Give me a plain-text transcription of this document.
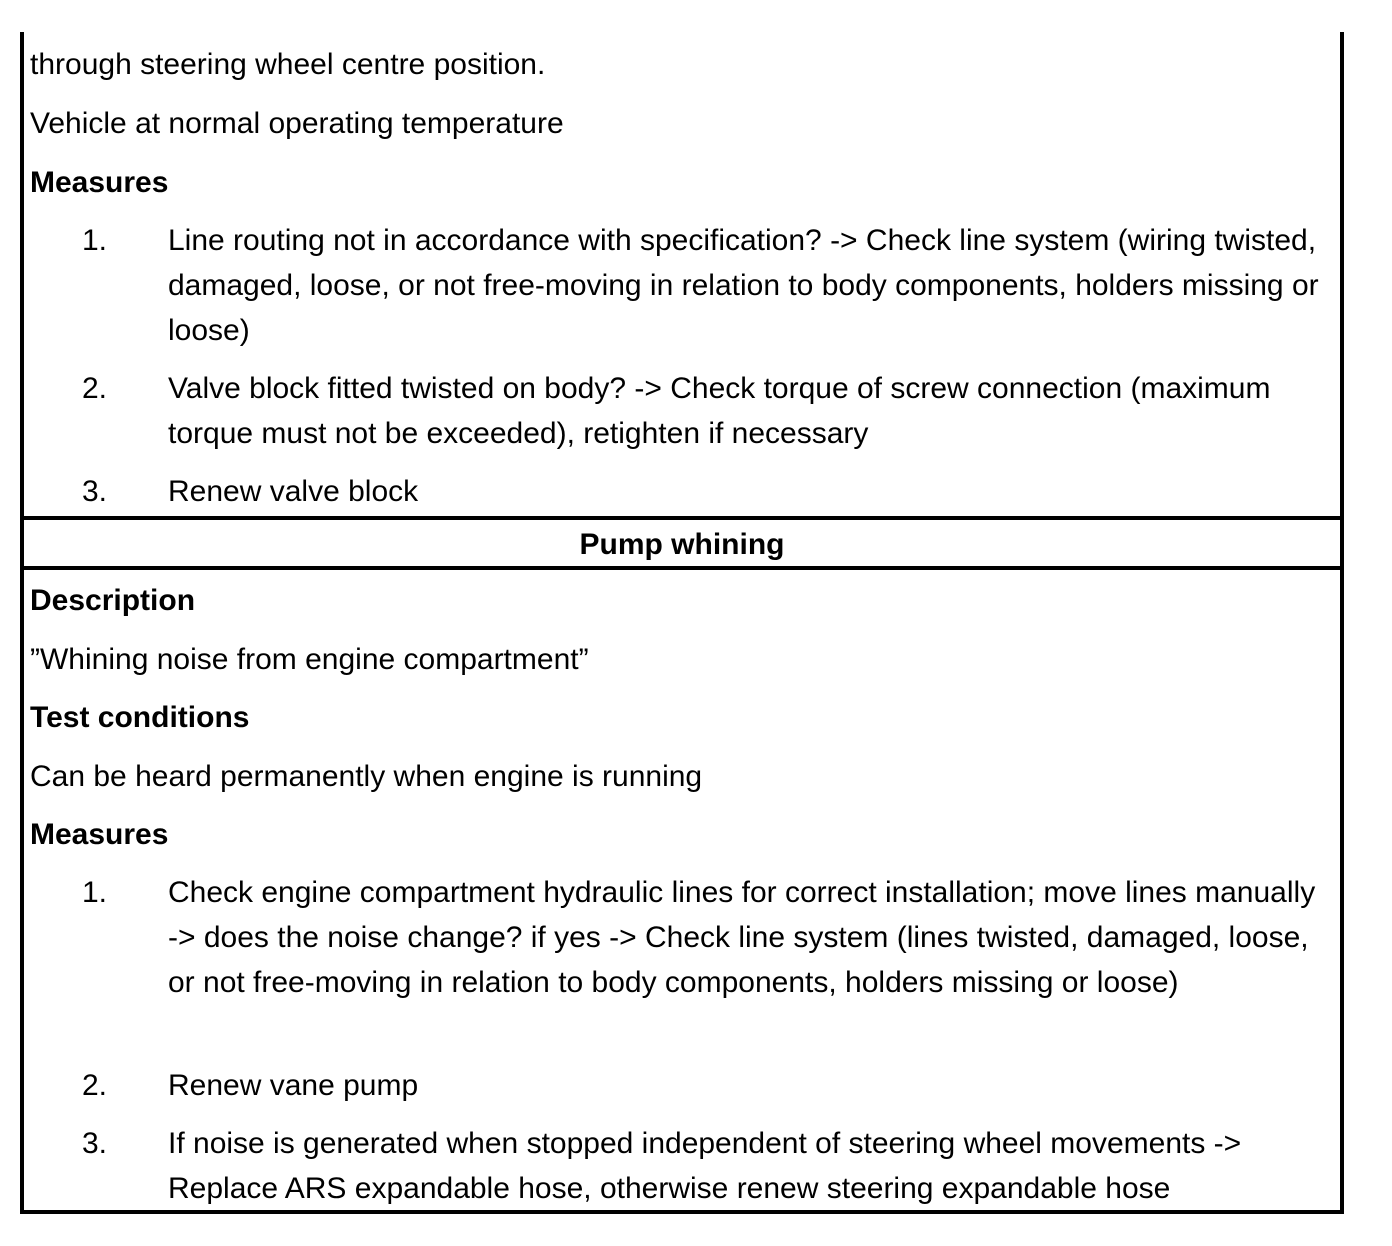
through steering wheel centre position.
Vehicle at normal operating temperature
Measures
1. Line routing not in accordance with specification? -> Check line system (wiring twisted, damaged, loose, or not free-moving in relation to body components, holders missing or loose)
2. Valve block fitted twisted on body? -> Check torque of screw connection (maximum torque must not be exceeded), retighten if necessary
3. Renew valve block
Pump whining
Description
”Whining noise from engine compartment”
Test conditions
Can be heard permanently when engine is running
Measures
1. Check engine compartment hydraulic lines for correct installation; move lines manually -> does the noise change? if yes -> Check line system (lines twisted, damaged, loose, or not free-moving in relation to body components, holders missing or loose)
2. Renew vane pump
3. If noise is generated when stopped independent of steering wheel movements -> Replace ARS expandable hose, otherwise renew steering expandable hose
